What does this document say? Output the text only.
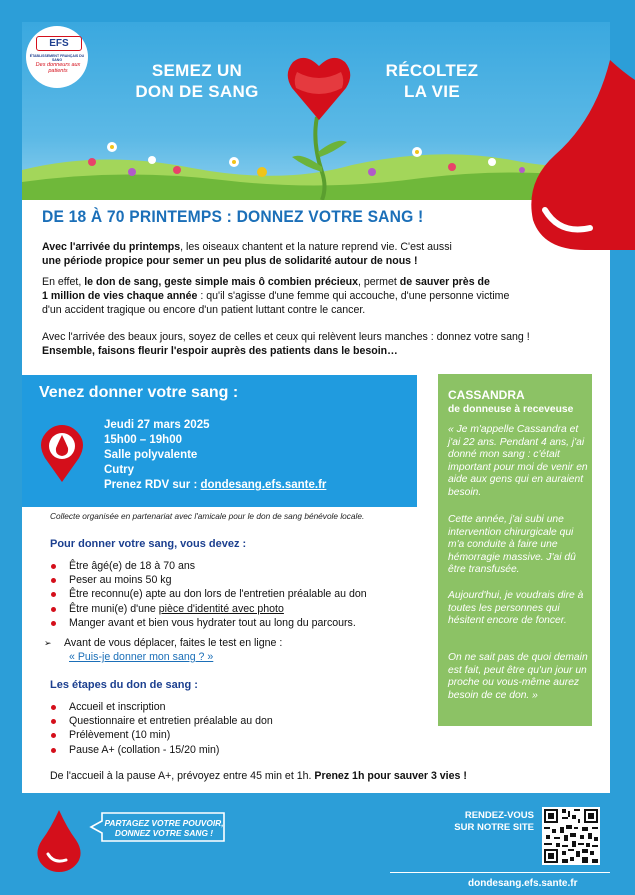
EFS
ÉTABLISSEMENT FRANÇAIS DU SANG
Des donneurs aux patients	SEMEZ UN
DON DE SANG
RÉCOLTEZ
LA VIE
DE 18 À 70 PRINTEMPS : DONNEZ VOTRE SANG !
Avec l'arrivée du printemps, les oiseaux chantent et la nature reprend vie. C'est aussi
une période propice pour semer un peu plus de solidarité autour de nous !
En effet, le don de sang, geste simple mais ô combien précieux, permet de sauver près de
1 million de vies chaque année : qu'il s'agisse d'une femme qui accouche, d'une personne victime
d'un accident tragique ou encore d'un patient luttant contre le cancer.
Avec l'arrivée des beaux jours, soyez de celles et ceux qui relèvent leurs manches : donnez votre sang !
Ensemble, faisons fleurir l'espoir auprès des patients dans le besoin…
Venez donner votre sang :
Jeudi 27 mars 2025
15h00 – 19h00
Salle polyvalente
Cutry
Prenez RDV sur : dondesang.efs.sante.fr
CASSANDRA
de donneuse à receveuse
« Je m'appelle Cassandra et j'ai 22 ans. Pendant 4 ans, j'ai donné mon sang : c'était important pour moi de venir en aide aux gens qui en auraient besoin.
Cette année, j'ai subi une intervention chirurgicale qui m'a conduite à faire une hémorragie massive. J'ai dû être transfusée.
Aujourd'hui, je voudrais dire à toutes les personnes qui hésitent encore de foncer.
On ne sait pas de quoi demain est fait, peut être qu'un jour un proche ou vous-même aurez besoin de ce don. »
Collecte organisée en partenariat avec l'amicale pour le don de sang bénévole locale.
Pour donner votre sang, vous devez :
Être âgé(e) de 18 à 70 ans
Peser au moins 50 kg
Être reconnu(e) apte au don lors de l'entretien préalable au don
Être muni(e) d'une pièce d'identité avec photo
Manger avant et bien vous hydrater tout au long du parcours.
➢ Avant de vous déplacer, faites le test en ligne :
« Puis-je donner mon sang ? »
Les étapes du don de sang :
Accueil et inscription
Questionnaire et entretien préalable au don
Prélèvement (10 min)
Pause A+ (collation - 15/20 min)
De l'accueil à la pause A+, prévoyez entre 45 min et 1h. Prenez 1h pour sauver 3 vies !
PARTAGEZ VOTRE POUVOIR,
DONNEZ VOTRE SANG !
RENDEZ-VOUS
SUR NOTRE SITE
dondesang.efs.sante.fr
